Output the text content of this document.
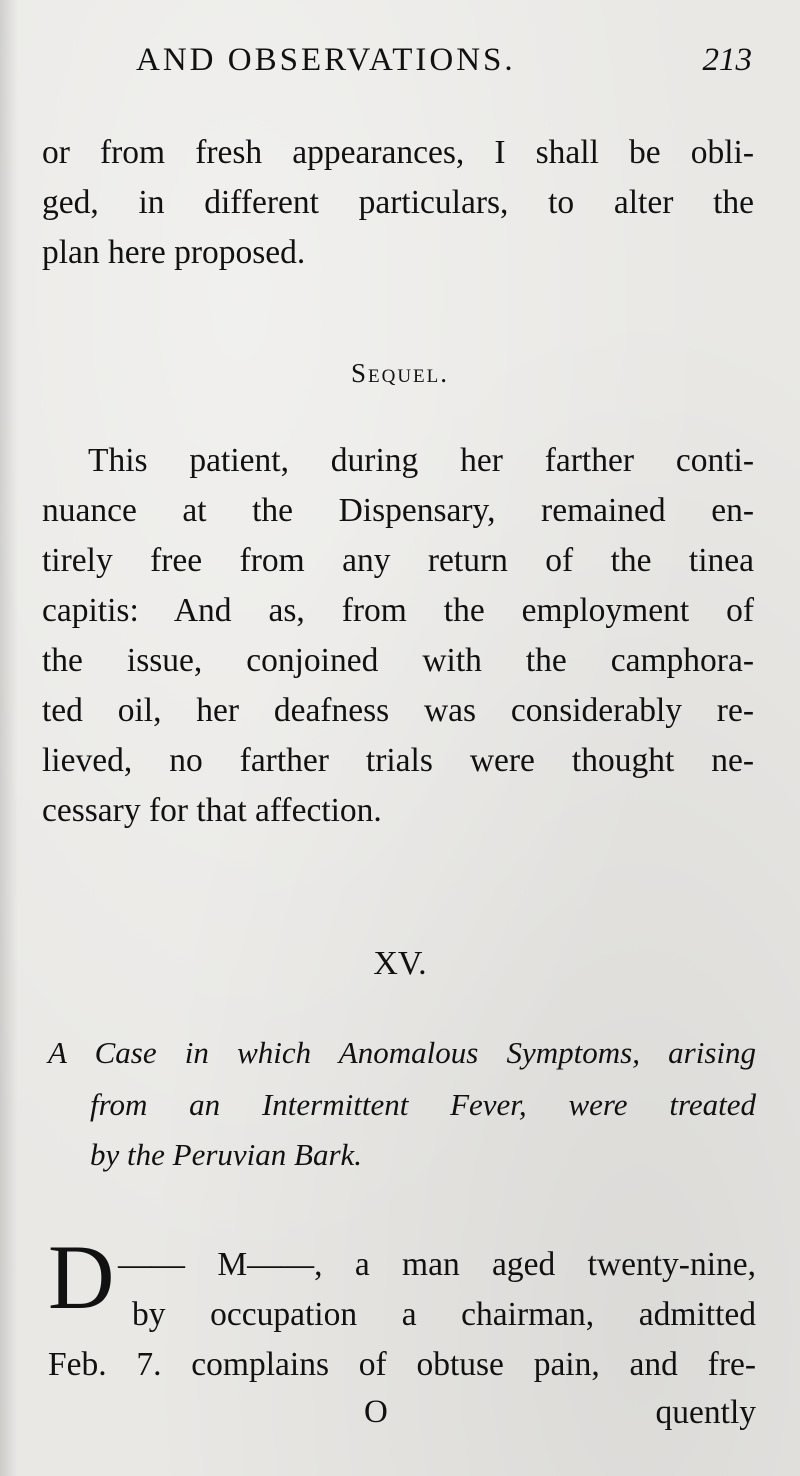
AND OBSERVATIONS.	213
or from fresh appearances, I shall be obli-
ged, in different particulars, to alter the
plan here proposed.
Sequel.
This patient, during her farther conti-
nuance at the Dispensary, remained en-
tirely free from any return of the tinea
capitis: And as, from the employment of
the issue, conjoined with the camphora-
ted oil, her deafness was considerably re-
lieved, no farther trials were thought ne-
cessary for that affection.
XV.
A Case in which Anomalous Symptoms, arising
from an Intermittent Fever, were treated
by the Peruvian Bark.
D —— M——, a man aged twenty-nine,
by occupation a chairman, admitted
Feb. 7. complains of obtuse pain, and fre-
O	quently
